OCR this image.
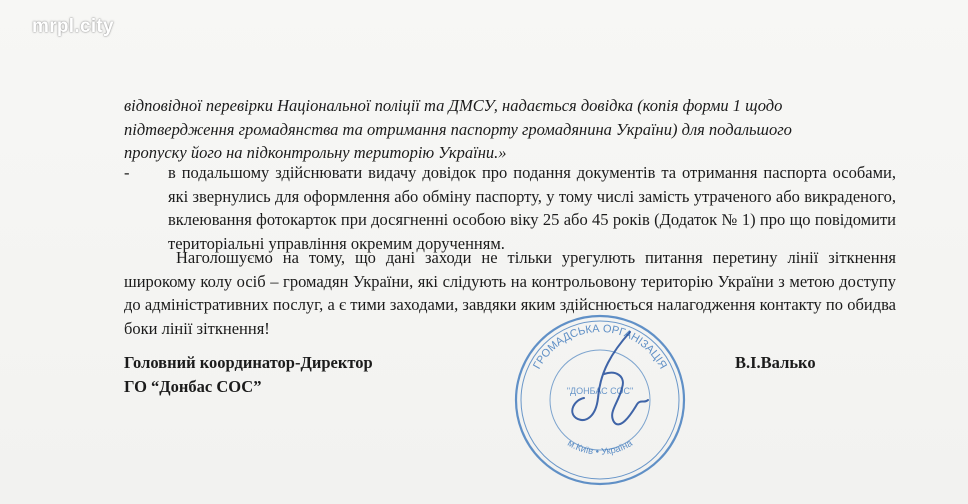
mrpl.city

відповідної перевірки Національної поліції та ДМСУ, надається довідка (копія форми 1 щодо

підтвердження громадянства та отримання паспорту громадянина України) для подальшого

пропуску його на підконтрольну територію України.»

- в подальшому здійснювати видачу довідок про подання документів та отримання паспорта особами, які звернулись для оформлення або обміну паспорту, у тому числі замість утраченого або викраденого, вклеювання фотокарток при досягненні особою віку 25 або 45 років (Додаток № 1) про що повідомити територіальні управління окремим дорученням.
Наголошуємо на тому, що дані заходи не тільки урегулють питання перетину лінії зіткнення широкому колу осіб – громадян України, які слідують на контрольовону територію України з метою доступу до адміністративних послуг, а є тими заходами, завдяки яким здійснюється налагодження контакту по обидва боки лінії зіткнення!
Головний координатор-Директор
ГО “Донбас СОС”
В.І.Валько
ГРОМАДСЬКА ОРГАНІЗАЦІЯ
"ДОНБАС СОС"
м.Київ • Україна
